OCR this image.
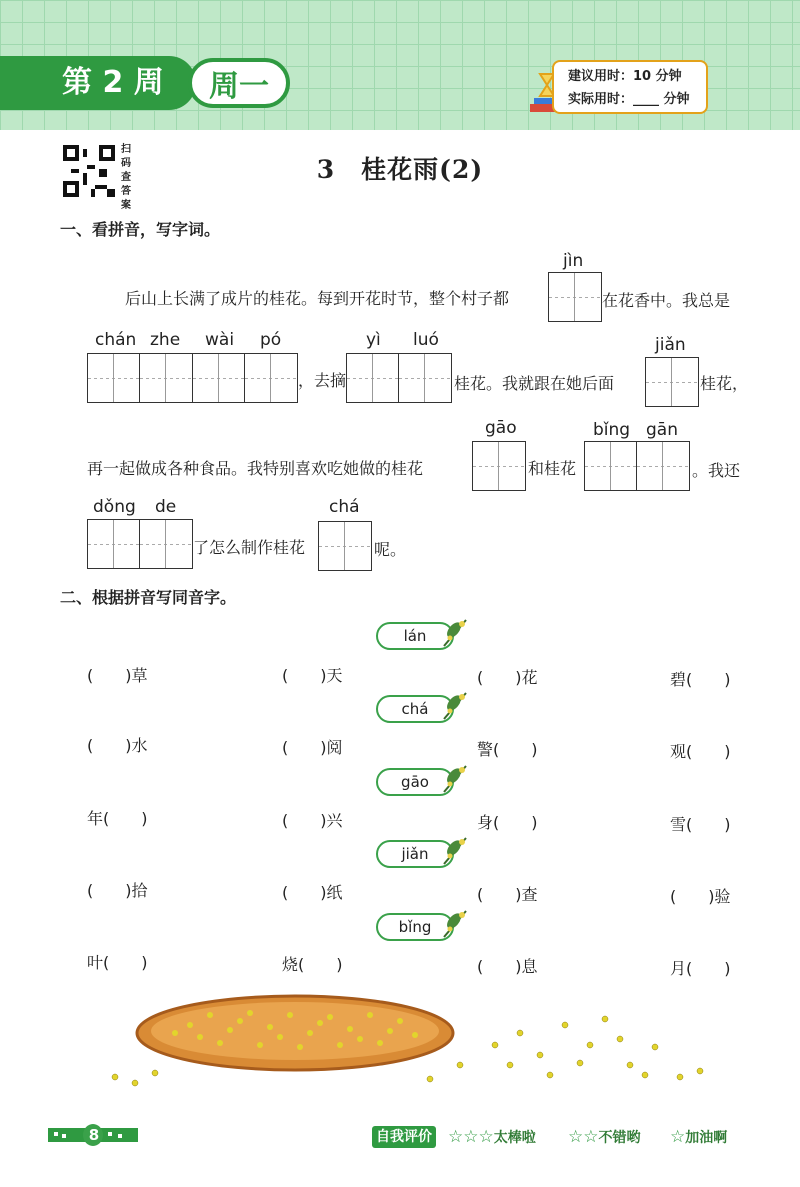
第 2 周	周一	建议用时：10 分钟
实际用时：____ 分钟
扫
码
查
答
案
3　桂花雨(2)
一、看拼音，写字词。
jìn
后山上长满了成片的桂花。每到开花时节，整个村子都	在花香中。我总是
chán zhe wài pó
，去摘
yì luó
桂花。我就跟在她后面
jiǎn
桂花，
gāo
再一起做成各种食品。我特别喜欢吃她做的桂花	和桂花
bǐng gān
。我还
dǒng de
了怎么制作桂花
chá
呢。
二、根据拼音写同音字。
lán
chá
gāo
jiǎn
bǐng
(　　)草	(　　)天	(　　)花	碧(　　)
(　　)水	(　　)阅	警(　　)	观(　　)
年(　　)	(　　)兴	身(　　)	雪(　　)
(　　)拾	(　　)纸	(　　)查	(　　)验
叶(　　)	烧(　　)	(　　)息	月(　　)
8	自我评价 ☆☆☆太棒啦 ☆☆不错哟 ☆加油啊
